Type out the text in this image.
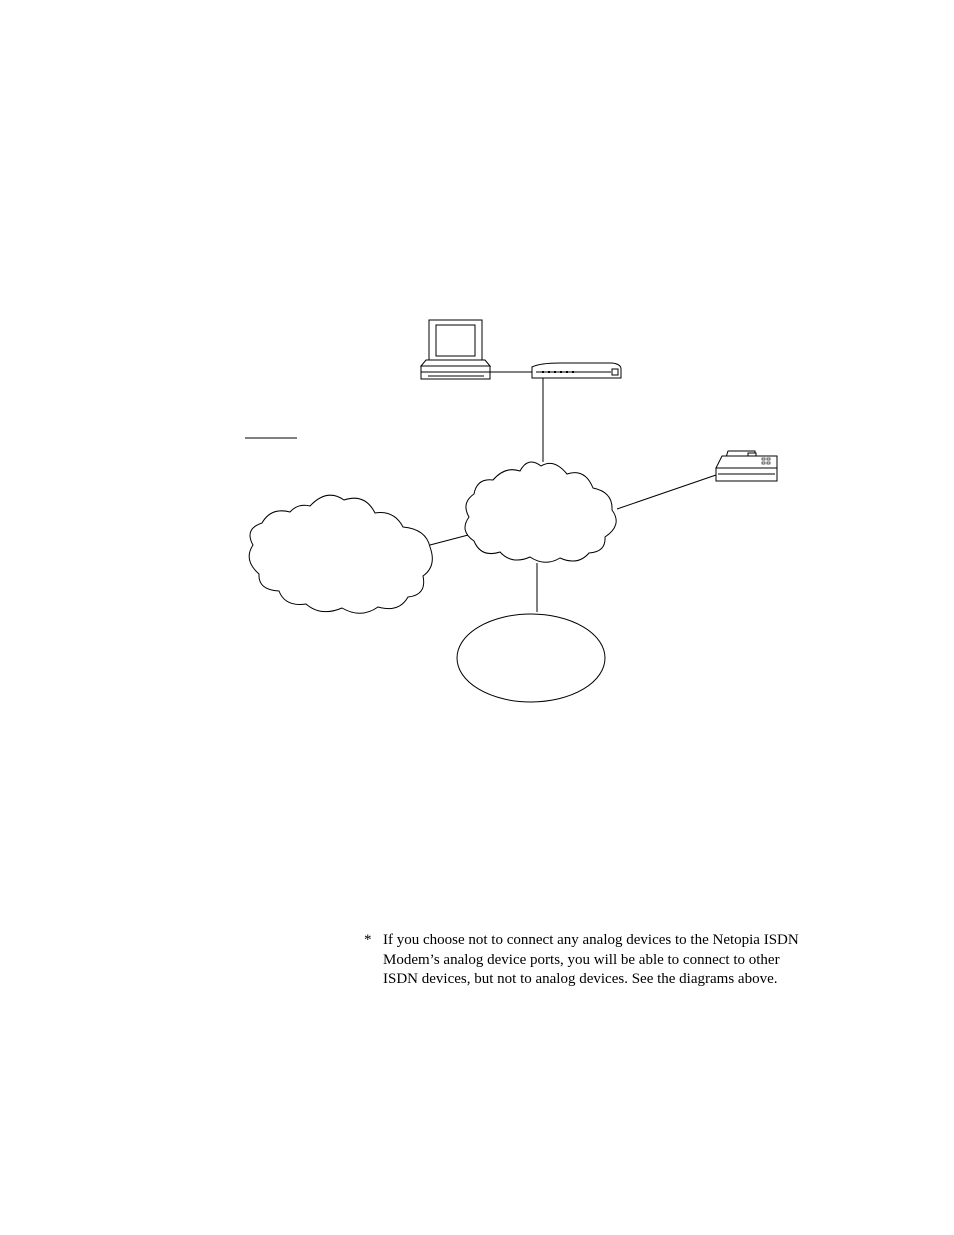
* If you choose not to connect any analog devices to the Netopia ISDN Modem’s analog device ports, you will be able to connect to other ISDN devices, but not to analog devices. See the diagrams above.
